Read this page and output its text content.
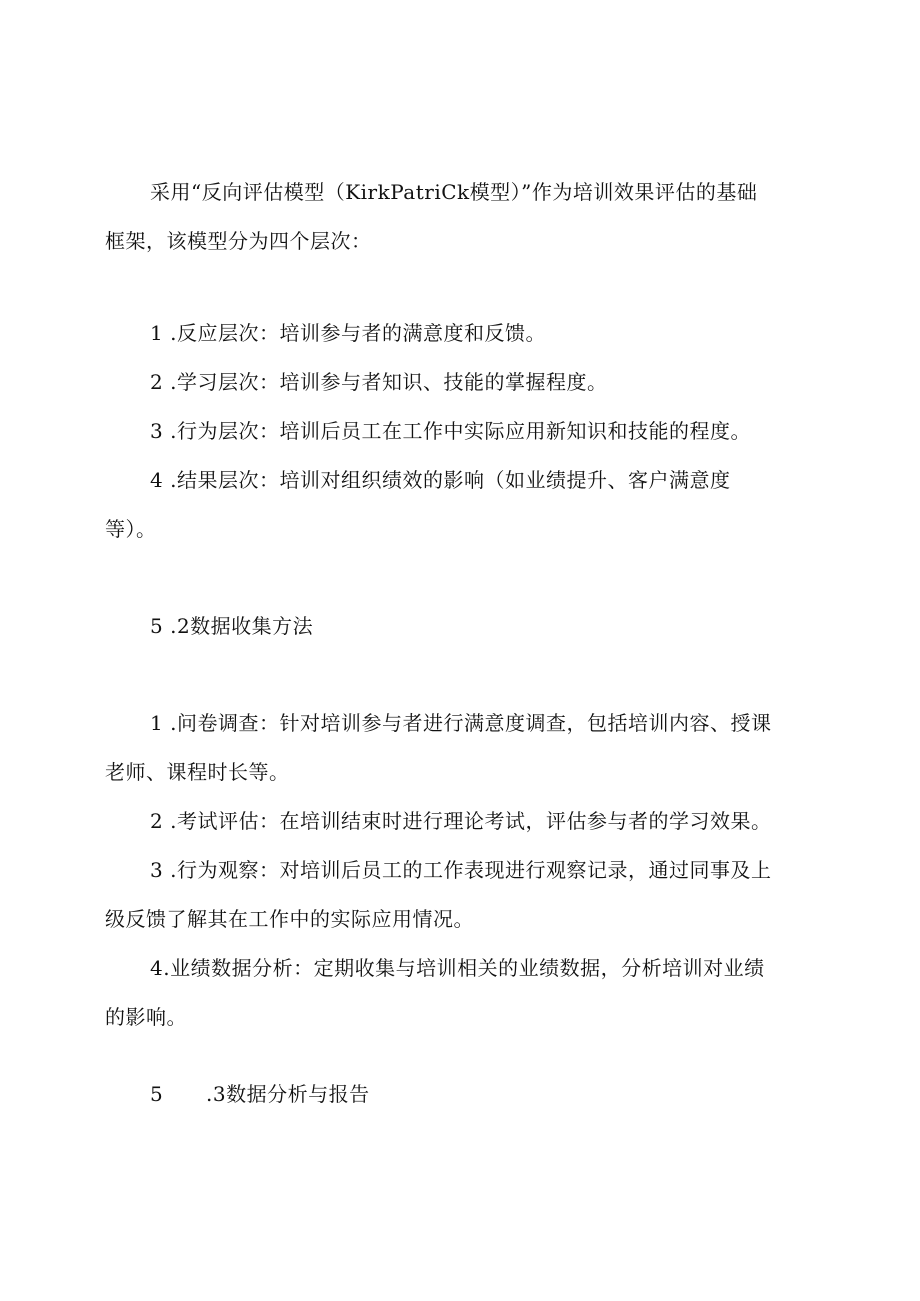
采用“反向评估模型（KirkPatriCk模型）”作为培训效果评估的基础
框架，该模型分为四个层次：
1 .反应层次：培训参与者的满意度和反馈。
2 .学习层次：培训参与者知识、技能的掌握程度。
3 .行为层次：培训后员工在工作中实际应用新知识和技能的程度。
4 .结果层次：培训对组织绩效的影响（如业绩提升、客户满意度
等）。
5 .2数据收集方法
1 .问卷调查：针对培训参与者进行满意度调查，包括培训内容、授课
老师、课程时长等。
2 .考试评估：在培训结束时进行理论考试，评估参与者的学习效果。
3 .行为观察：对培训后员工的工作表现进行观察记录，通过同事及上
级反馈了解其在工作中的实际应用情况。
4.业绩数据分析：定期收集与培训相关的业绩数据，分析培训对业绩
的影响。
5 .3数据分析与报告
